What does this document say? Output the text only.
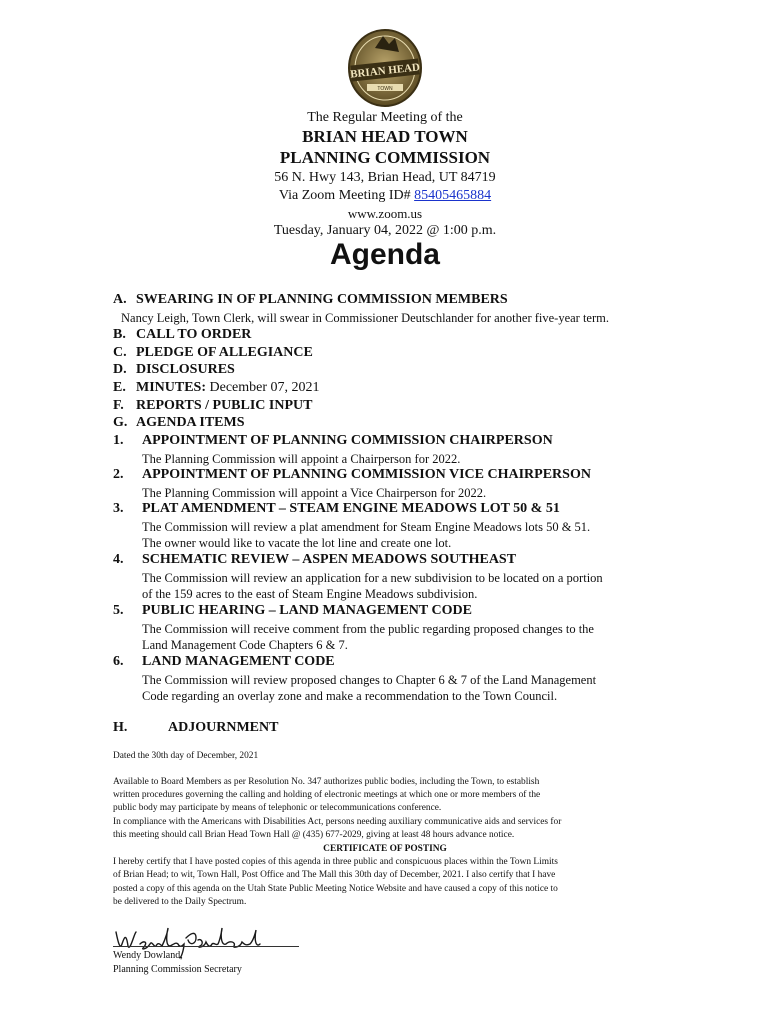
BRIAN HEAD
TOWN
The Regular Meeting of the
BRIAN HEAD TOWN
PLANNING COMMISSION
56 N. Hwy 143, Brian Head, UT 84719
Via Zoom Meeting ID# 85405465884
www.zoom.us
Tuesday, January 04, 2022 @ 1:00 p.m.
Agenda
A. SWEARING IN OF PLANNING COMMISSION MEMBERS
Nancy Leigh, Town Clerk, will swear in Commissioner Deutschlander for another five-year term.
B. CALL TO ORDER
C. PLEDGE OF ALLEGIANCE
D. DISCLOSURES
E. MINUTES: December 07, 2021
F. REPORTS / PUBLIC INPUT
G. AGENDA ITEMS
1. APPOINTMENT OF PLANNING COMMISSION CHAIRPERSON
The Planning Commission will appoint a Chairperson for 2022.
2. APPOINTMENT OF PLANNING COMMISSION VICE CHAIRPERSON
The Planning Commission will appoint a Vice Chairperson for 2022.
3. PLAT AMENDMENT – STEAM ENGINE MEADOWS LOT 50 & 51
The Commission will review a plat amendment for Steam Engine Meadows lots 50 & 51.
The owner would like to vacate the lot line and create one lot.
4. SCHEMATIC REVIEW – ASPEN MEADOWS SOUTHEAST
The Commission will review an application for a new subdivision to be located on a portion
of the 159 acres to the east of Steam Engine Meadows subdivision.
5. PUBLIC HEARING – LAND MANAGEMENT CODE
The Commission will receive comment from the public regarding proposed changes to the
Land Management Code Chapters 6 & 7.
6. LAND MANAGEMENT CODE
The Commission will review proposed changes to Chapter 6 & 7 of the Land Management
Code regarding an overlay zone and make a recommendation to the Town Council.
H.	ADJOURNMENT
Dated the 30th day of December, 2021
Available to Board Members as per Resolution No. 347 authorizes public bodies, including the Town, to establish
written procedures governing the calling and holding of electronic meetings at which one or more members of the
public body may participate by means of telephonic or telecommunications conference.
In compliance with the Americans with Disabilities Act, persons needing auxiliary communicative aids and services for
this meeting should call Brian Head Town Hall @ (435) 677-2029, giving at least 48 hours advance notice.
CERTIFICATE OF POSTING
I hereby certify that I have posted copies of this agenda in three public and conspicuous places within the Town Limits
of Brian Head; to wit, Town Hall, Post Office and The Mall this 30th day of December, 2021. I also certify that I have
posted a copy of this agenda on the Utah State Public Meeting Notice Website and have caused a copy of this notice to
be delivered to the Daily Spectrum.
Wendy Dowland,
Planning Commission Secretary
